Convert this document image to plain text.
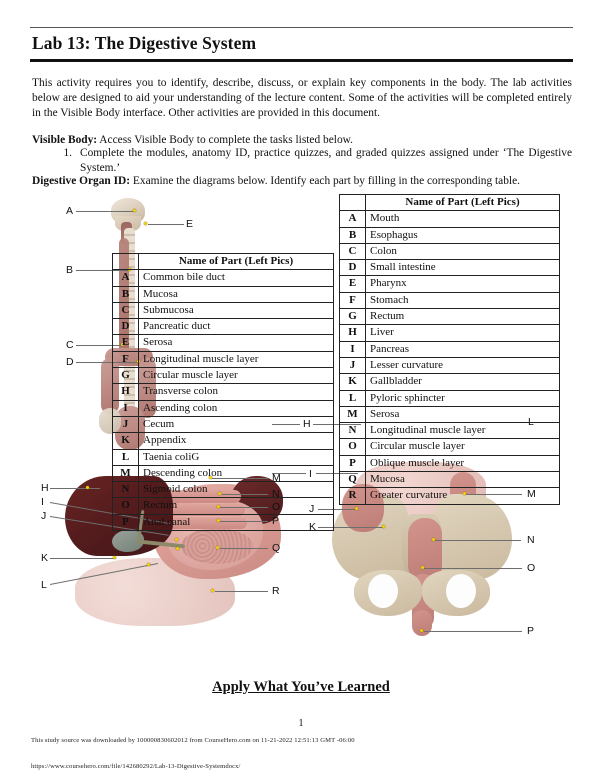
Lab 13: The Digestive System
This activity requires you to identify, describe, discuss, or explain key components in the body. The lab activities below are designed to aid your understanding of the lecture content. Some of the activities will be completed entirely in the Visible Body interface. Other activities are provided in this document.
Visible Body: Access Visible Body to complete the tasks listed below.
1. Complete the modules, anatomy ID, practice quizzes, and graded quizzes assigned under ‘The Digestive System.’
Digestive Organ ID: Examine the diagrams below. Identify each part by filling in the corresponding table.
A
E
B
C
D
H
I
L
H
I
J
K
L
M
N
O
P
Q
R
J
K
M
N
O
P
	Name of Part (Left Pics)
A	Common bile duct
B	Mucosa
C	Submucosa
D	Pancreatic duct
E	Serosa
F	Longitudinal muscle layer
G	Circular muscle layer
H	Transverse colon
I	Ascending colon
J	Cecum
K	Appendix
L	Taenia coliG
M	Descending colon
N	Sigmoid colon
O	Rectum
P	Anal canal
	Name of Part (Left Pics)
A	Mouth
B	Esophagus
C	Colon
D	Small intestine
E	Pharynx
F	Stomach
G	Rectum
H	Liver
I	Pancreas
J	Lesser curvature
K	Gallbladder
L	Pyloric sphincter
M	Serosa
N	Longitudinal muscle layer
O	Circular muscle layer
P	Oblique muscle layer
Q	Mucosa
R	Greater curvature
Apply What You’ve Learned
1
This study source was downloaded by 100000830602012 from CourseHero.com on 11-21-2022 12:51:13 GMT -06:00
https://www.coursehero.com/file/142680292/Lab-13-Digestive-Systemdocx/
